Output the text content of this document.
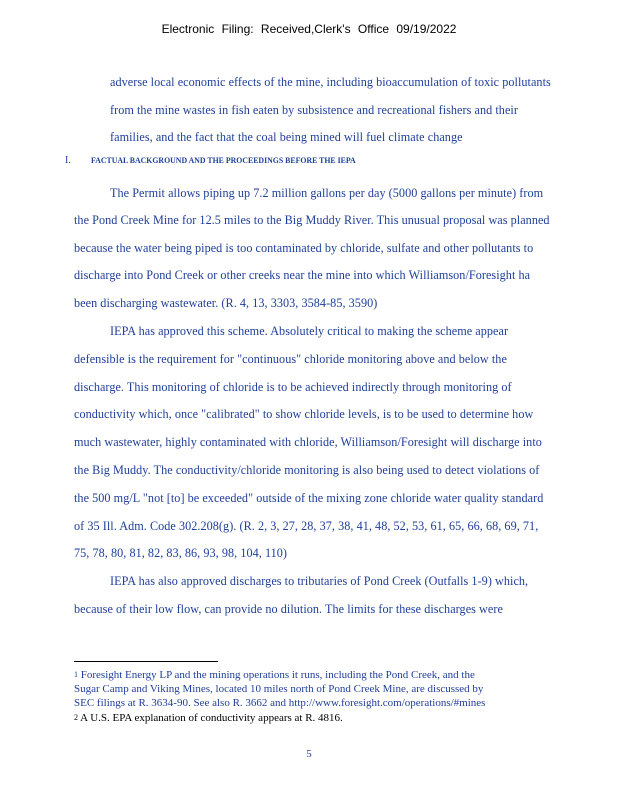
Electronic Filing: Received,Clerk's Office 09/19/2022
adverse local economic effects of the mine, including bioaccumulation of toxic pollutants
from the mine wastes in fish eaten by subsistence and recreational fishers and their
families, and the fact that the coal being mined will fuel climate change
I. FACTUAL BACKGROUND AND THE PROCEEDINGS BEFORE THE IEPA
The Permit allows piping up 7.2 million gallons per day (5000 gallons per minute) from
the Pond Creek Mine for 12.5 miles to the Big Muddy River. This unusual proposal was planned
because the water being piped is too contaminated by chloride, sulfate and other pollutants to
discharge into Pond Creek or other creeks near the mine into which Williamson/Foresight ha
been discharging wastewater. (R. 4, 13, 3303, 3584-85, 3590)
IEPA has approved this scheme. Absolutely critical to making the scheme appear
defensible is the requirement for "continuous" chloride monitoring above and below the
discharge. This monitoring of chloride is to be achieved indirectly through monitoring of
conductivity which, once "calibrated" to show chloride levels, is to be used to determine how
much wastewater, highly contaminated with chloride, Williamson/Foresight will discharge into
the Big Muddy. The conductivity/chloride monitoring is also being used to detect violations of
the 500 mg/L "not [to] be exceeded" outside of the mixing zone chloride water quality standard
of 35 Ill. Adm. Code 302.208(g). (R. 2, 3, 27, 28, 37, 38, 41, 48, 52, 53, 61, 65, 66, 68, 69, 71,
75, 78, 80, 81, 82, 83, 86, 93, 98, 104, 110)
IEPA has also approved discharges to tributaries of Pond Creek (Outfalls 1-9) which,
because of their low flow, can provide no dilution. The limits for these discharges were
$^1$ Foresight Energy LP and the mining operations it runs, including the Pond Creek, and the
Sugar Camp and Viking Mines, located 10 miles north of Pond Creek Mine, are discussed by
SEC filings at R. 3634-90. See also R. 3662 and http://www.foresight.com/operations/#mines
$^2$ A U.S. EPA explanation of conductivity appears at R. 4816.
5
